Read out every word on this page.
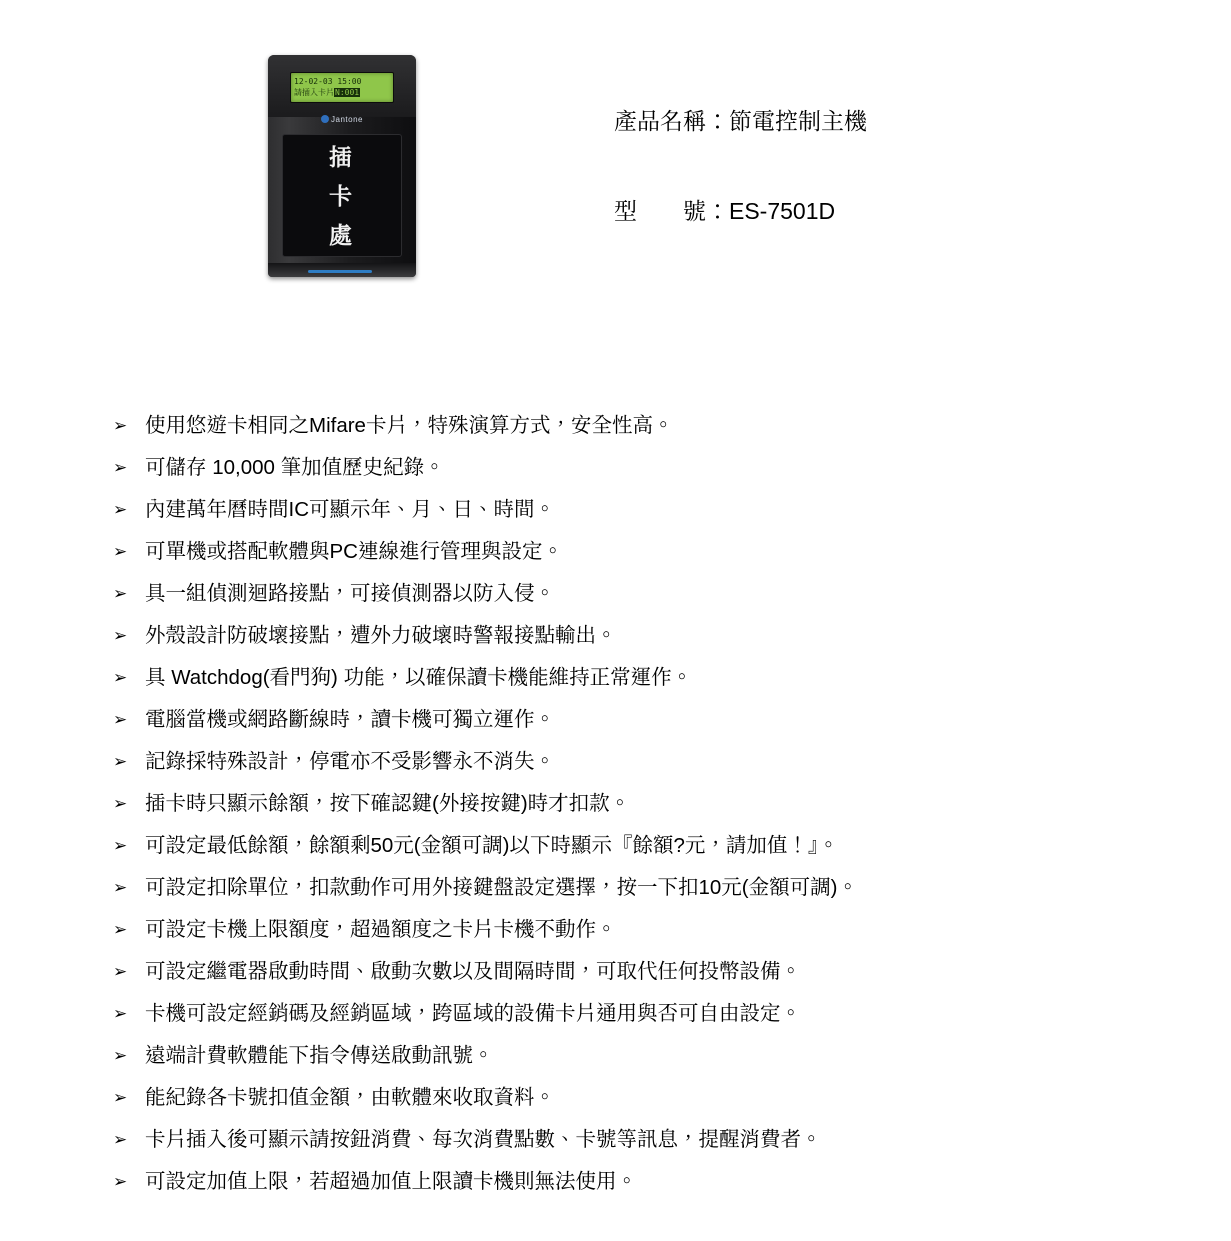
12-02-03 15:00
請插入卡片N:001
Jantone
插
卡
處
產品名稱：節電控制主機
型　　號：ES-7501D
➢ 使用悠遊卡相同之Mifare卡片，特殊演算方式，安全性高。
➢ 可儲存 10,000 筆加值歷史紀錄。
➢ 內建萬年曆時間IC可顯示年、月、日、時間。
➢ 可單機或搭配軟體與PC連線進行管理與設定。
➢ 具一組偵測迴路接點，可接偵測器以防入侵。
➢ 外殼設計防破壞接點，遭外力破壞時警報接點輸出。
➢ 具 Watchdog(看門狗) 功能，以確保讀卡機能維持正常運作。
➢ 電腦當機或網路斷線時，讀卡機可獨立運作。
➢ 記錄採特殊設計，停電亦不受影響永不消失。
➢ 插卡時只顯示餘額，按下確認鍵(外接按鍵)時才扣款。
➢ 可設定最低餘額，餘額剩50元(金額可調)以下時顯示『餘額?元，請加值！』。
➢ 可設定扣除單位，扣款動作可用外接鍵盤設定選擇，按一下扣10元(金額可調)。
➢ 可設定卡機上限額度，超過額度之卡片卡機不動作。
➢ 可設定繼電器啟動時間、啟動次數以及間隔時間，可取代任何投幣設備。
➢ 卡機可設定經銷碼及經銷區域，跨區域的設備卡片通用與否可自由設定。
➢ 遠端計費軟體能下指令傳送啟動訊號。
➢ 能紀錄各卡號扣值金額，由軟體來收取資料。
➢ 卡片插入後可顯示請按鈕消費、每次消費點數、卡號等訊息，提醒消費者。
➢ 可設定加值上限，若超過加值上限讀卡機則無法使用。
